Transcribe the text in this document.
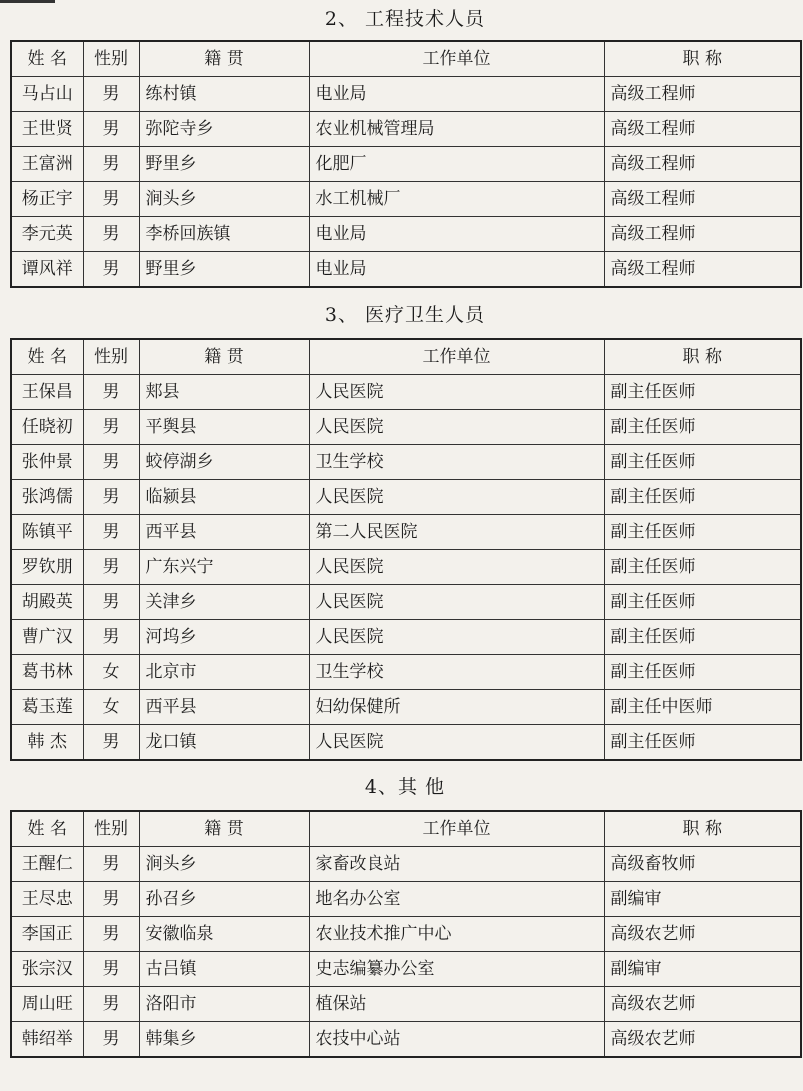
2、 工程技术人员
姓 名	性别	籍 贯	工作单位	职 称
马占山	男	练村镇	电业局	高级工程师
王世贤	男	弥陀寺乡	农业机械管理局	高级工程师
王富洲	男	野里乡	化肥厂	高级工程师
杨正宇	男	涧头乡	水工机械厂	高级工程师
李元英	男	李桥回族镇	电业局	高级工程师
谭风祥	男	野里乡	电业局	高级工程师
3、 医疗卫生人员
姓 名	性别	籍 贯	工作单位	职 称
王保昌	男	郏县	人民医院	副主任医师
任晓初	男	平舆县	人民医院	副主任医师
张仲景	男	蛟停湖乡	卫生学校	副主任医师
张鸿儒	男	临颍县	人民医院	副主任医师
陈镇平	男	西平县	第二人民医院	副主任医师
罗钦朋	男	广东兴宁	人民医院	副主任医师
胡殿英	男	关津乡	人民医院	副主任医师
曹广汉	男	河坞乡	人民医院	副主任医师
葛书林	女	北京市	卫生学校	副主任医师
葛玉莲	女	西平县	妇幼保健所	副主任中医师
韩 杰	男	龙口镇	人民医院	副主任医师
4、其 他
姓 名	性别	籍 贯	工作单位	职 称
王醒仁	男	涧头乡	家畜改良站	高级畜牧师
王尽忠	男	孙召乡	地名办公室	副编审
李国正	男	安徽临泉	农业技术推广中心	高级农艺师
张宗汉	男	古吕镇	史志编纂办公室	副编审
周山旺	男	洛阳市	植保站	高级农艺师
韩绍举	男	韩集乡	农技中心站	高级农艺师
